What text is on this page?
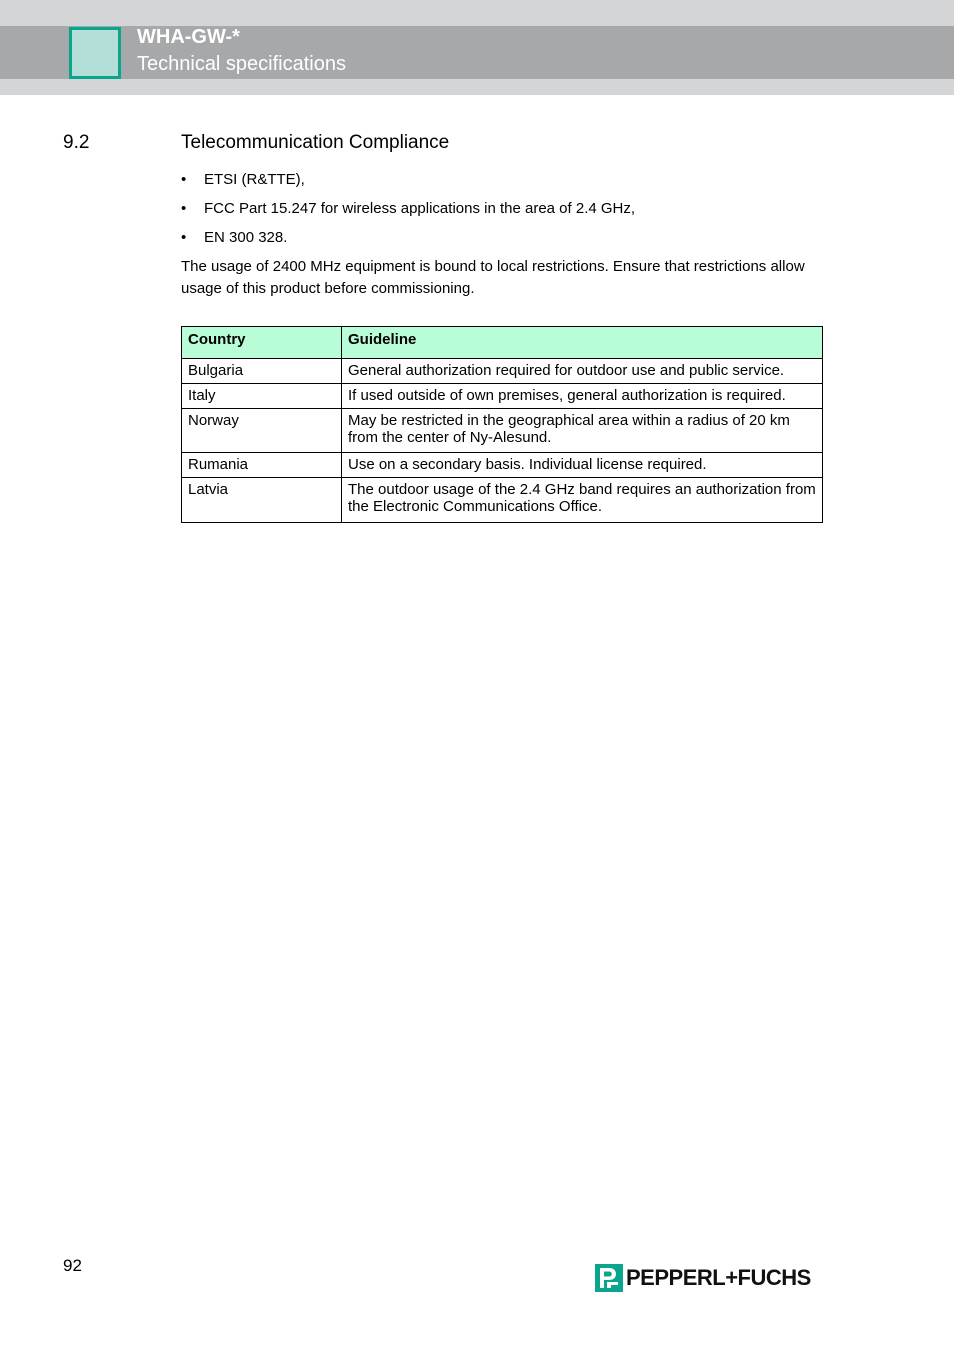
WHA-GW-*
Technical specifications
9.2	Telecommunication Compliance
• ETSI (R&TTE),
• FCC Part 15.247 for wireless applications in the area of 2.4 GHz,
• EN 300 328.

The usage of 2400 MHz equipment is bound to local restrictions. Ensure that restrictions allow usage of this product before commissioning.

Country	Guideline
Bulgaria	General authorization required for outdoor use and public service.
Italy	If used outside of own premises, general authorization is required.
Norway	May be restricted in the geographical area within a radius of 20 km from the center of Ny-Alesund.
Rumania	Use on a secondary basis. Individual license required.
Latvia	The outdoor usage of the 2.4 GHz band requires an authorization from the Electronic Communications Office.
92	PEPPERL+FUCHS
